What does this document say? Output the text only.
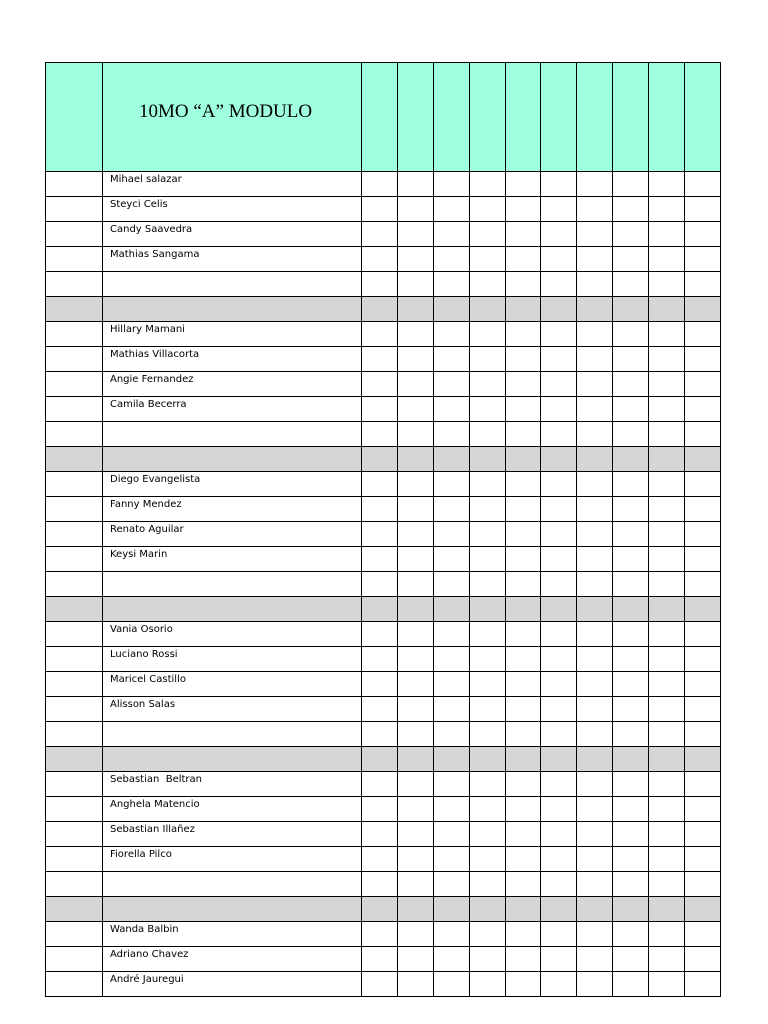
	10MO “A” MODULO										

	Mihael salazar										

	Steyci Celis										

	Candy Saavedra										

	Mathias Sangama										

	Hillary Mamani										

	Mathias Villacorta										

	Angie Fernandez										

	Camila Becerra										

	Diego Evangelista										

	Fanny Mendez										

	Renato Aguilar										

	Keysi Marin										

	Vania Osorio										

	Luciano Rossi										

	Maricel Castillo										

	Alisson Salas										

	Sebastian  Beltran										

	Anghela Matencio										

	Sebastian Illañez										

	Fiorella Pilco										

	Wanda Balbin										

	Adriano Chavez										

	André Jauregui										
